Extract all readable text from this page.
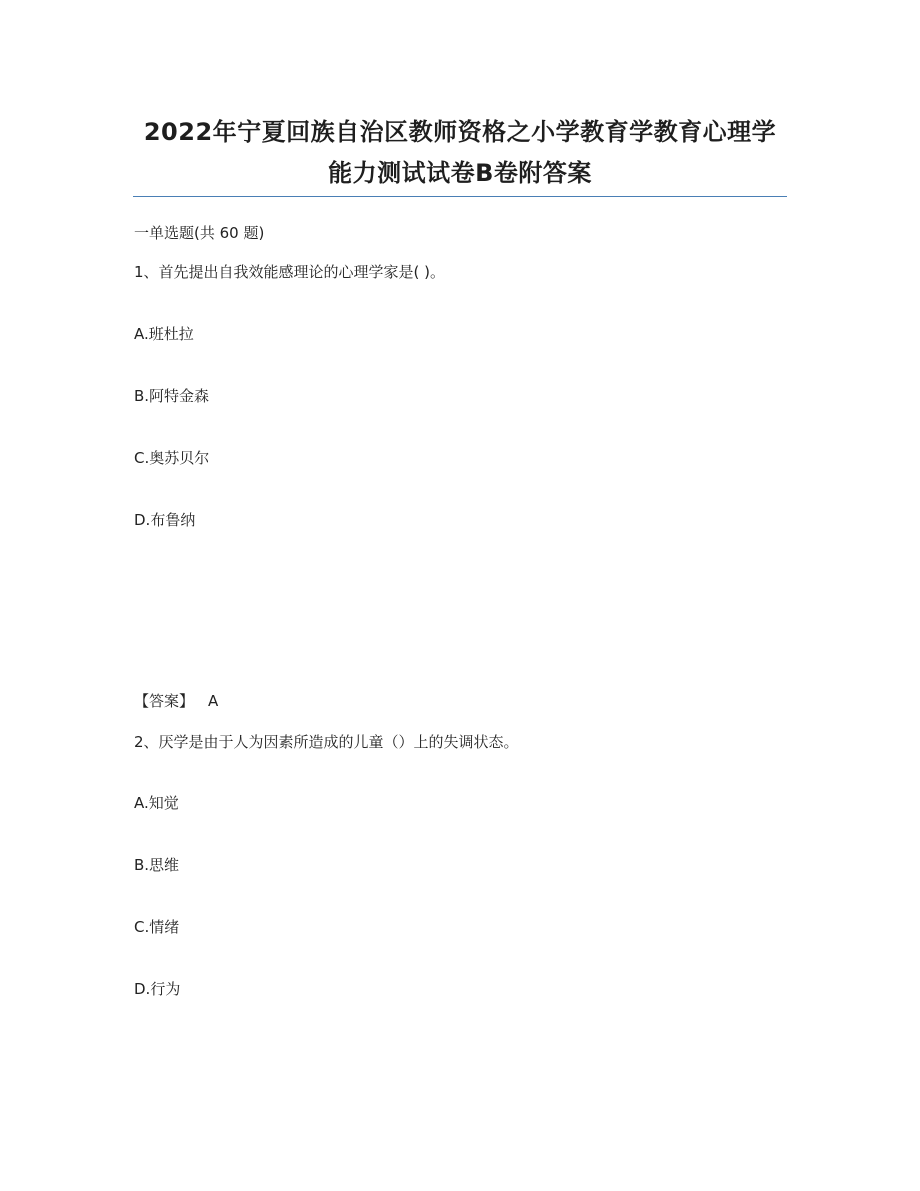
2022年宁夏回族自治区教师资格之小学教育学教育心理学
能力测试试卷B卷附答案
一单选题(共 60 题)
1、首先提出自我效能感理论的心理学家是( )。
A.班杜拉
B.阿特金森
C.奥苏贝尔
D.布鲁纳
【答案】 A
2、厌学是由于人为因素所造成的儿童（）上的失调状态。
A.知觉
B.思维
C.情绪
D.行为
